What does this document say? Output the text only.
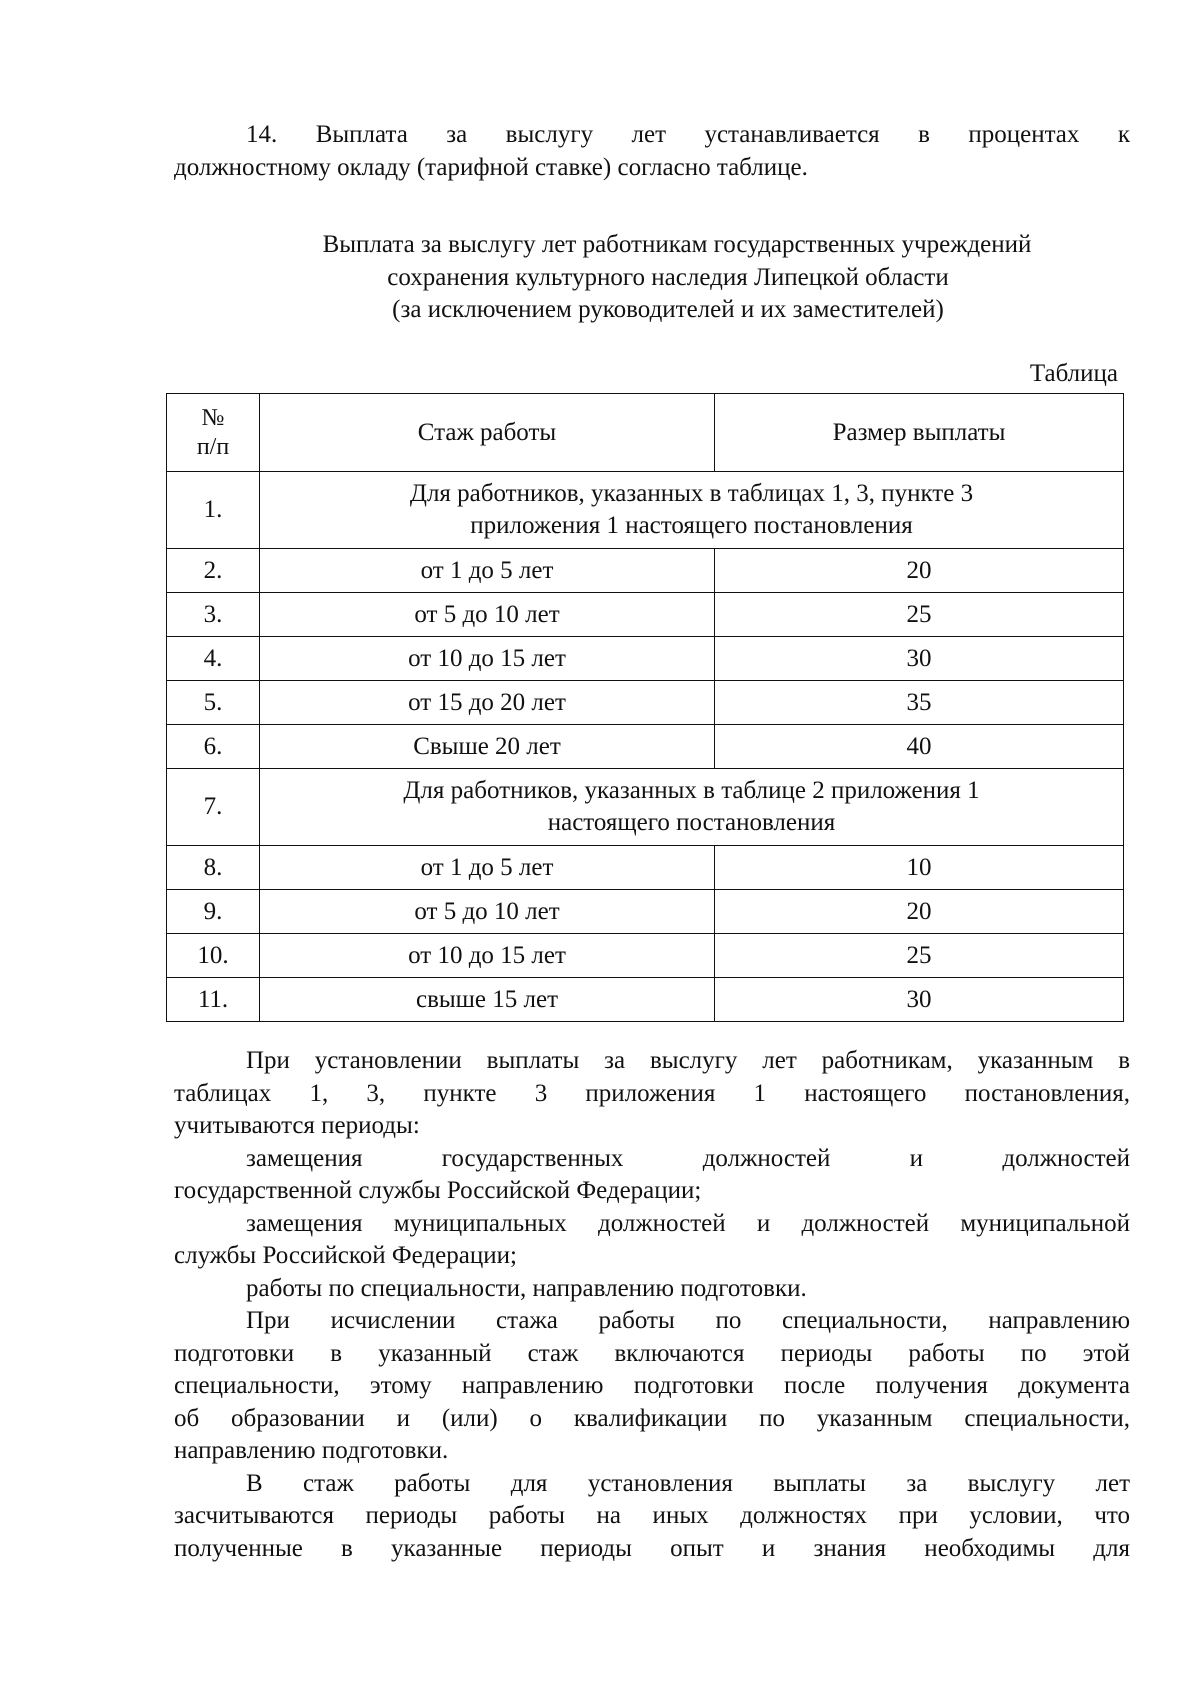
14. Выплата за выслугу лет устанавливается в процентах к
должностному окладу (тарифной ставке) согласно таблице.
Выплата за выслугу лет работникам государственных учреждений
сохранения культурного наследия Липецкой области
(за исключением руководителей и их заместителей)
Таблица
№
п/п	Стаж работы	Размер выплаты
1.	Для работников, указанных в таблицах 1, 3, пункте 3
приложения 1 настоящего постановления	

2.	от 1 до 5 лет	20
3.	от 5 до 10 лет	25
4.	от 10 до 15 лет	30
5.	от 15 до 20 лет	35
6.	Свыше 20 лет	40
7.	Для работников, указанных в таблице 2 приложения 1
настоящего постановления	

8.	от 1 до 5 лет	10
9.	от 5 до 10 лет	20
10.	от 10 до 15 лет	25
11.	свыше 15 лет	30
При установлении выплаты за выслугу лет работникам, указанным в
таблицах 1, 3, пункте 3 приложения 1 настоящего постановления,
учитываются периоды:
замещения государственных должностей и должностей
государственной службы Российской Федерации;
замещения муниципальных должностей и должностей муниципальной
службы Российской Федерации;
работы по специальности, направлению подготовки.
При исчислении стажа работы по специальности, направлению
подготовки в указанный стаж включаются периоды работы по этой
специальности, этому направлению подготовки после получения документа
об образовании и (или) о квалификации по указанным специальности,
направлению подготовки.
В стаж работы для установления выплаты за выслугу лет
засчитываются периоды работы на иных должностях при условии, что
полученные в указанные периоды опыт и знания необходимы для
